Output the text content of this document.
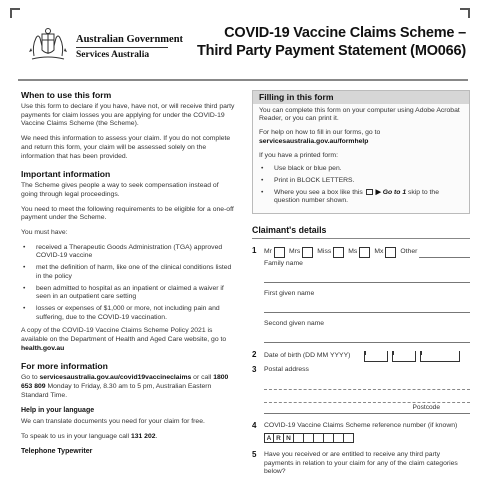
Australian Government
Services Australia
COVID-19 Vaccine Claims Scheme –
Third Party Payment Statement (MO066)
When to use this form

Use this form to declare if you have, have not, or will receive third party payments for claim losses you are applying for under the COVID-19 Vaccine Claims Scheme (the Scheme).

We need this information to assess your claim. If you do not complete and return this form, your claim will be assessed solely on the information that has been provided.

Important information

The Scheme gives people a way to seek compensation instead of going through legal proceedings.

You need to meet the following requirements to be eligible for a one-off payment under the Scheme.

You must have:

• received a Therapeutic Goods Administration (TGA) approved COVID-19 vaccine
• met the definition of harm, like one of the clinical conditions listed in the policy
• been admitted to hospital as an inpatient or claimed a waiver if seen in an outpatient care setting
• losses or expenses of $1,000 or more, not including pain and suffering, due to the COVID-19 vaccination.

A copy of the COVID-19 Vaccine Claims Scheme Policy 2021 is available on the Department of Health and Aged Care website, go to health.gov.au

For more information

Go to servicesaustralia.gov.au/covid19vaccineclaims or call 1800 653 809 Monday to Friday, 8.30 am to 5 pm, Australian Eastern Standard Time.

Help in your language

We can translate documents you need for your claim for free.

To speak to us in your language call 131 202.

Telephone Typewriter
Filling in this form

You can complete this form on your computer using Adobe Acrobat Reader, or you can print it.

For help on how to fill in our forms, go to
servicesaustralia.gov.au/formhelp

If you have a printed form:

• Use black or blue pen.
• Print in BLOCK LETTERS.
• Where you see a box like this ▶ Go to 1 skip to the question number shown.
Claimant's details
1 Mr	Mrs	Miss	Ms	Mx	Other
Family name
First given name
Second given name
2 Date of birth (DD MM YYYY)
3 Postal address
Postcode
4 COVID-19 Vaccine Claims Scheme reference number (if known)
A R N
5 Have you received or are entitled to receive any third party payments in relation to your claim for any of the claim categories below?
